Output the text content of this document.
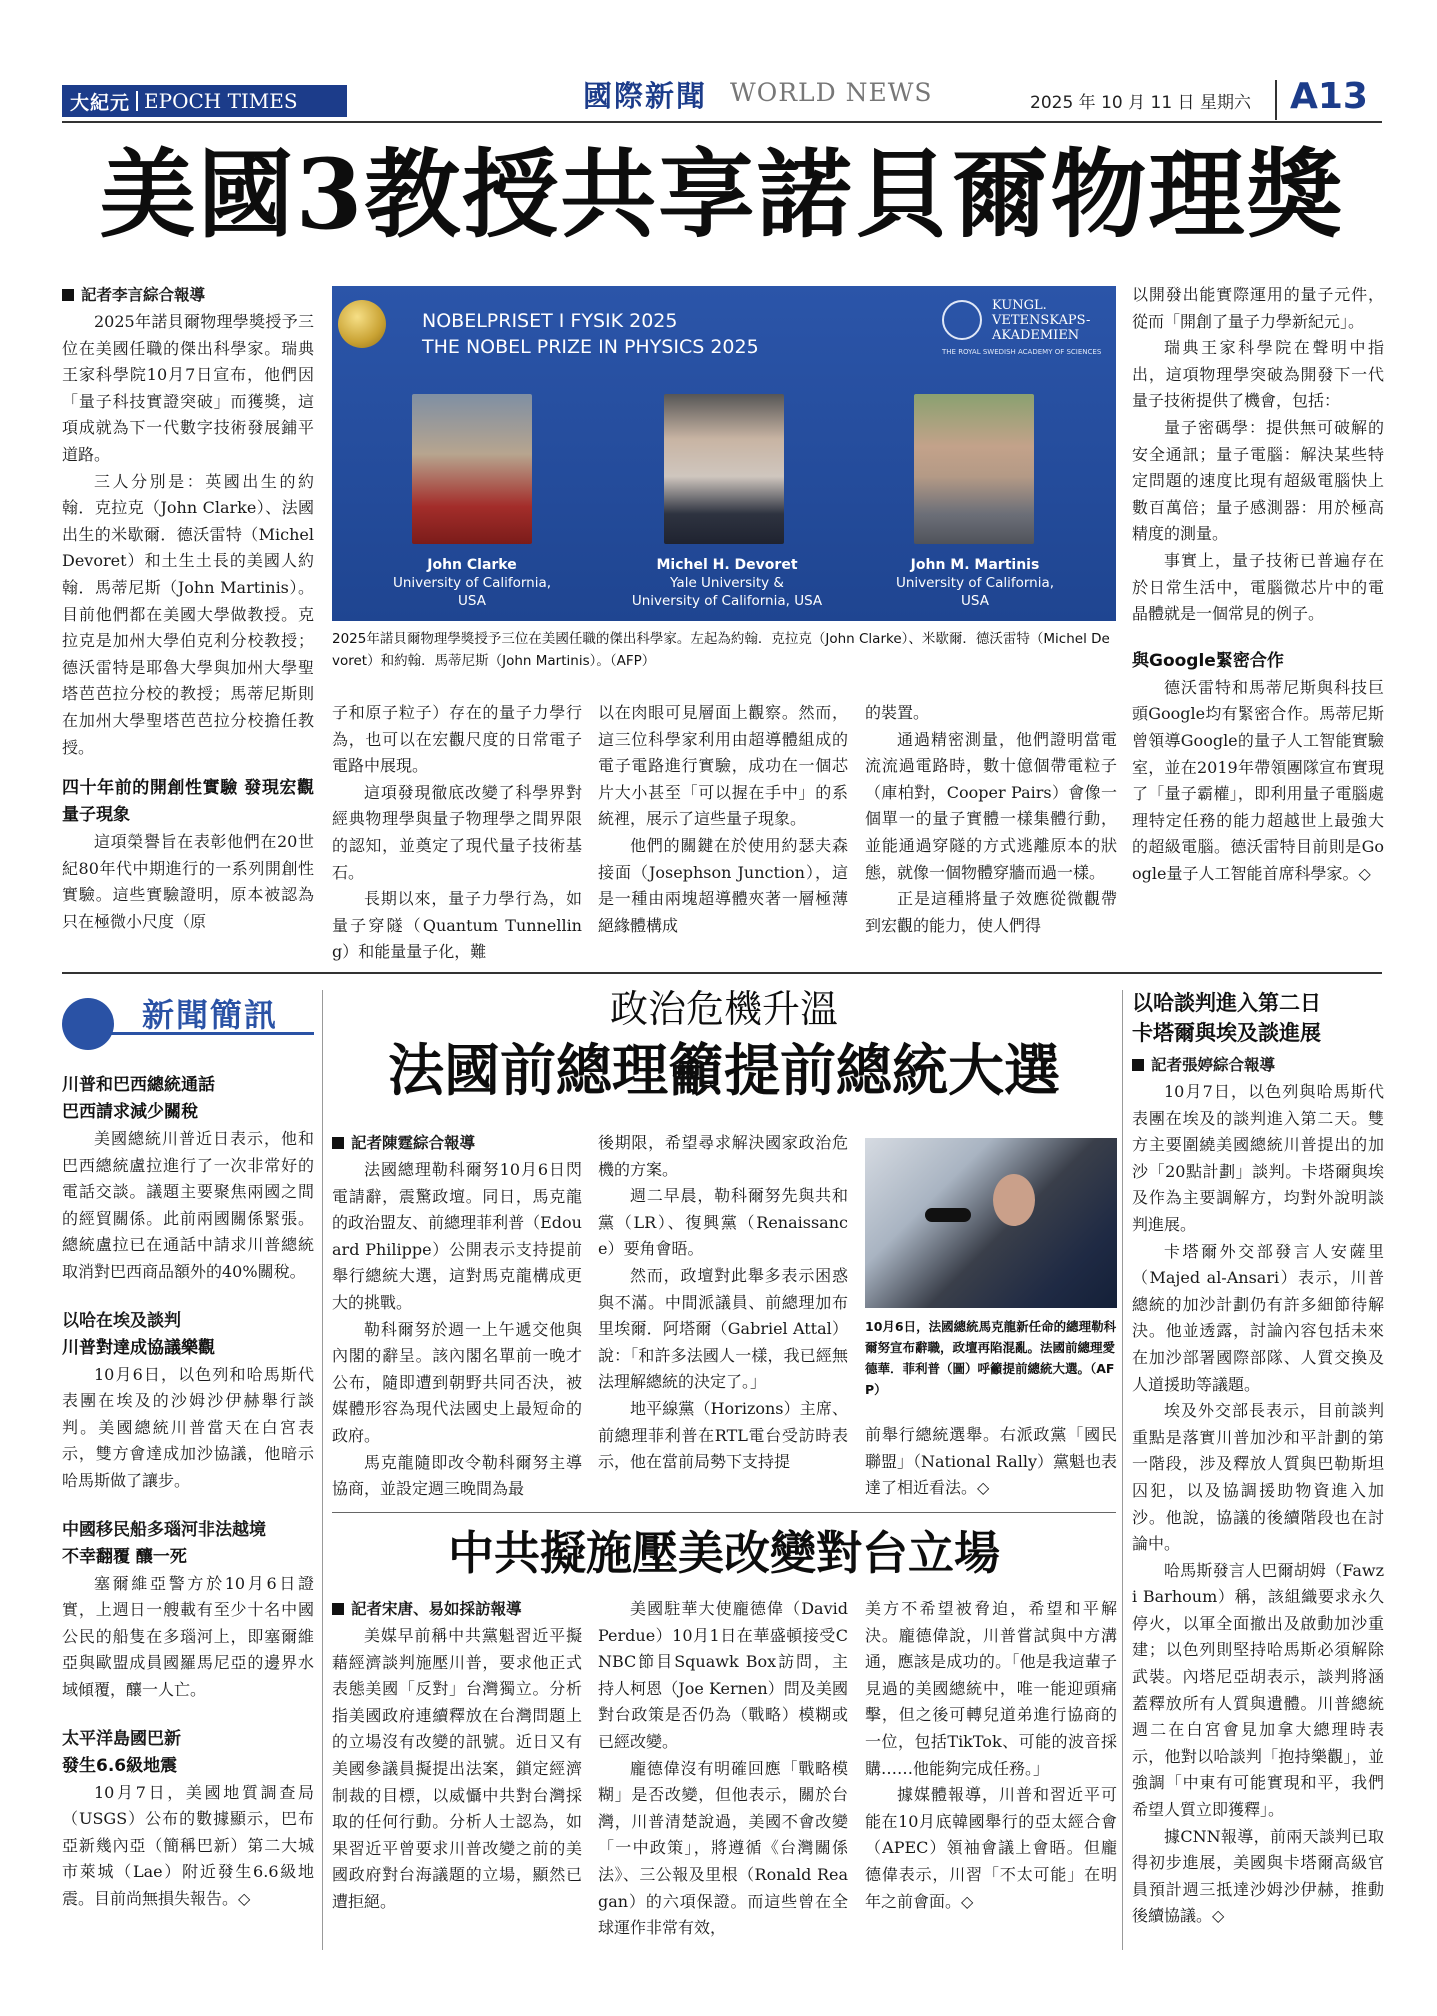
大紀元 EPOCH TIMES	國際新聞 WORLD NEWS	2025 年 10 月 11 日 星期六 A13
美國3教授共享諾貝爾物理獎

記者李言綜合報導

2025年諾貝爾物理學獎授予三位在美國任職的傑出科學家。瑞典王家科學院10月7日宣布，他們因「量子科技實證突破」而獲獎，這項成就為下一代數字技術發展鋪平道路。

三人分別是：英國出生的約翰．克拉克（John Clarke）、法國出生的米歇爾．德沃雷特（Michel Devoret）和土生土長的美國人約翰．馬蒂尼斯（John Martinis）。目前他們都在美國大學做教授。克拉克是加州大學伯克利分校教授；德沃雷特是耶魯大學與加州大學聖塔芭芭拉分校的教授；馬蒂尼斯則在加州大學聖塔芭芭拉分校擔任教授。

四十年前的開創性實驗 發現宏觀量子現象

這項榮譽旨在表彰他們在20世紀80年代中期進行的一系列開創性實驗。這些實驗證明，原本被認為只在極微小尺度（原

NOBELPRISET I FYSIK 2025
THE NOBEL PRIZE IN PHYSICS 2025
KUNGL.
VETENSKAPS-
AKADEMIEN
THE ROYAL SWEDISH ACADEMY OF SCIENCES
John Clarke
University of California,
USA
Michel H. Devoret
Yale University &
University of California, USA
John M. Martinis
University of California,
USA
2025年諾貝爾物理學獎授予三位在美國任職的傑出科學家。左起為約翰．克拉克（John Clarke）、米歇爾．德沃雷特（Michel Devoret）和約翰．馬蒂尼斯（John Martinis）。（AFP）

子和原子粒子）存在的量子力學行為，也可以在宏觀尺度的日常電子電路中展現。

這項發現徹底改變了科學界對經典物理學與量子物理學之間界限的認知，並奠定了現代量子技術基石。

長期以來，量子力學行為，如量子穿隧（Quantum Tunnelling）和能量量子化，難

以在肉眼可見層面上觀察。然而，這三位科學家利用由超導體組成的電子電路進行實驗，成功在一個芯片大小甚至「可以握在手中」的系統裡，展示了這些量子現象。

他們的關鍵在於使用約瑟夫森接面（Josephson Junction），這是一種由兩塊超導體夾著一層極薄絕緣體構成

的裝置。

通過精密測量，他們證明當電流流過電路時，數十億個帶電粒子（庫柏對，Cooper Pairs）會像一個單一的量子實體一樣集體行動，並能通過穿隧的方式逃離原本的狀態，就像一個物體穿牆而過一樣。

正是這種將量子效應從微觀帶到宏觀的能力，使人們得

以開發出能實際運用的量子元件，從而「開創了量子力學新紀元」。

瑞典王家科學院在聲明中指出，這項物理學突破為開發下一代量子技術提供了機會，包括：

量子密碼學：提供無可破解的安全通訊；量子電腦：解決某些特定問題的速度比現有超級電腦快上數百萬倍；量子感測器：用於極高精度的測量。

事實上，量子技術已普遍存在於日常生活中，電腦微芯片中的電晶體就是一個常見的例子。

與Google緊密合作

德沃雷特和馬蒂尼斯與科技巨頭Google均有緊密合作。馬蒂尼斯曾領導Google的量子人工智能實驗室，並在2019年帶領團隊宣布實現了「量子霸權」，即利用量子電腦處理特定任務的能力超越世上最強大的超級電腦。德沃雷特目前則是Google量子人工智能首席科學家。◇

新聞簡訊

川普和巴西總統通話

巴西請求減少關稅

美國總統川普近日表示，他和巴西總統盧拉進行了一次非常好的電話交談。議題主要聚焦兩國之間的經貿關係。此前兩國關係緊張。總統盧拉已在通話中請求川普總統取消對巴西商品額外的40%關稅。

以哈在埃及談判

川普對達成協議樂觀

10月6日，以色列和哈馬斯代表團在埃及的沙姆沙伊赫舉行談判。美國總統川普當天在白宮表示，雙方會達成加沙協議，他暗示哈馬斯做了讓步。

中國移民船多瑙河非法越境

不幸翻覆 釀一死

塞爾維亞警方於10月6日證實，上週日一艘載有至少十名中國公民的船隻在多瑙河上，即塞爾維亞與歐盟成員國羅馬尼亞的邊界水域傾覆，釀一人亡。

太平洋島國巴新

發生6.6級地震

10月7日，美國地質調查局（USGS）公布的數據顯示，巴布亞新幾內亞（簡稱巴新）第二大城市萊城（Lae）附近發生6.6級地震。目前尚無損失報告。◇

政治危機升溫
法國前總理籲提前總統大選

記者陳霆綜合報導

法國總理勒科爾努10月6日閃電請辭，震驚政壇。同日，馬克龍的政治盟友、前總理菲利普（Edouard Philippe）公開表示支持提前舉行總統大選，這對馬克龍構成更大的挑戰。

勒科爾努於週一上午遞交他與內閣的辭呈。該內閣名單前一晚才公布，隨即遭到朝野共同否決，被媒體形容為現代法國史上最短命的政府。

馬克龍隨即改令勒科爾努主導協商，並設定週三晚間為最

後期限，希望尋求解決國家政治危機的方案。

週二早晨，勒科爾努先與共和黨（LR）、復興黨（Renaissance）要角會晤。

然而，政壇對此舉多表示困惑與不滿。中間派議員、前總理加布里埃爾．阿塔爾（Gabriel Attal）說：「和許多法國人一樣，我已經無法理解總統的決定了。」

地平線黨（Horizons）主席、前總理菲利普在RTL電台受訪時表示，他在當前局勢下支持提

10月6日，法國總統馬克龍新任命的總理勒科爾努宣布辭職，政壇再陷混亂。法國前總理愛德華．菲利普（圖）呼籲提前總統大選。（AFP）

前舉行總統選舉。右派政黨「國民聯盟」（National Rally）黨魁也表達了相近看法。◇

中共擬施壓美改變對台立場

記者宋唐、易如採訪報導

美媒早前稱中共黨魁習近平擬藉經濟談判施壓川普，要求他正式表態美國「反對」台灣獨立。分析指美國政府連續釋放在台灣問題上的立場沒有改變的訊號。近日又有美國參議員擬提出法案，鎖定經濟制裁的目標，以威懾中共對台灣採取的任何行動。分析人士認為，如果習近平曾要求川普改變之前的美國政府對台海議題的立場，顯然已遭拒絕。

美國駐華大使龐德偉（David Perdue）10月1日在華盛頓接受CNBC節目Squawk Box訪問，主持人柯恩（Joe Kernen）問及美國對台政策是否仍為（戰略）模糊或已經改變。

龐德偉沒有明確回應「戰略模糊」是否改變，但他表示，關於台灣，川普清楚說過，美國不會改變「一中政策」，將遵循《台灣關係法》、三公報及里根（Ronald Reagan）的六項保證。而這些曾在全球運作非常有效，

美方不希望被脅迫，希望和平解決。龐德偉說，川普嘗試與中方溝通，應該是成功的。「他是我這輩子見過的美國總統中，唯一能迎頭痛擊，但之後可轉兒道弟進行協商的一位，包括TikTok、可能的波音採購……他能夠完成任務。」

據媒體報導，川普和習近平可能在10月底韓國舉行的亞太經合會（APEC）領袖會議上會晤。但龐德偉表示，川習「不太可能」在明年之前會面。◇

以哈談判進入第二日

卡塔爾與埃及談進展

記者張婷綜合報導

10月7日，以色列與哈馬斯代表團在埃及的談判進入第二天。雙方主要圍繞美國總統川普提出的加沙「20點計劃」談判。卡塔爾與埃及作為主要調解方，均對外說明談判進展。

卡塔爾外交部發言人安薩里（Majed al-Ansari）表示，川普總統的加沙計劃仍有許多細節待解決。他並透露，討論內容包括未來在加沙部署國際部隊、人質交換及人道援助等議題。

埃及外交部長表示，目前談判重點是落實川普加沙和平計劃的第一階段，涉及釋放人質與巴勒斯坦囚犯，以及協調援助物資進入加沙。他說，協議的後續階段也在討論中。

哈馬斯發言人巴爾胡姆（Fawzi Barhoum）稱，該組織要求永久停火，以軍全面撤出及啟動加沙重建；以色列則堅持哈馬斯必須解除武裝。內塔尼亞胡表示，談判將涵蓋釋放所有人質與遺體。川普總統週二在白宮會見加拿大總理時表示，他對以哈談判「抱持樂觀」，並強調「中東有可能實現和平，我們希望人質立即獲釋」。

據CNN報導，前兩天談判已取得初步進展，美國與卡塔爾高級官員預計週三抵達沙姆沙伊赫，推動後續協議。◇
